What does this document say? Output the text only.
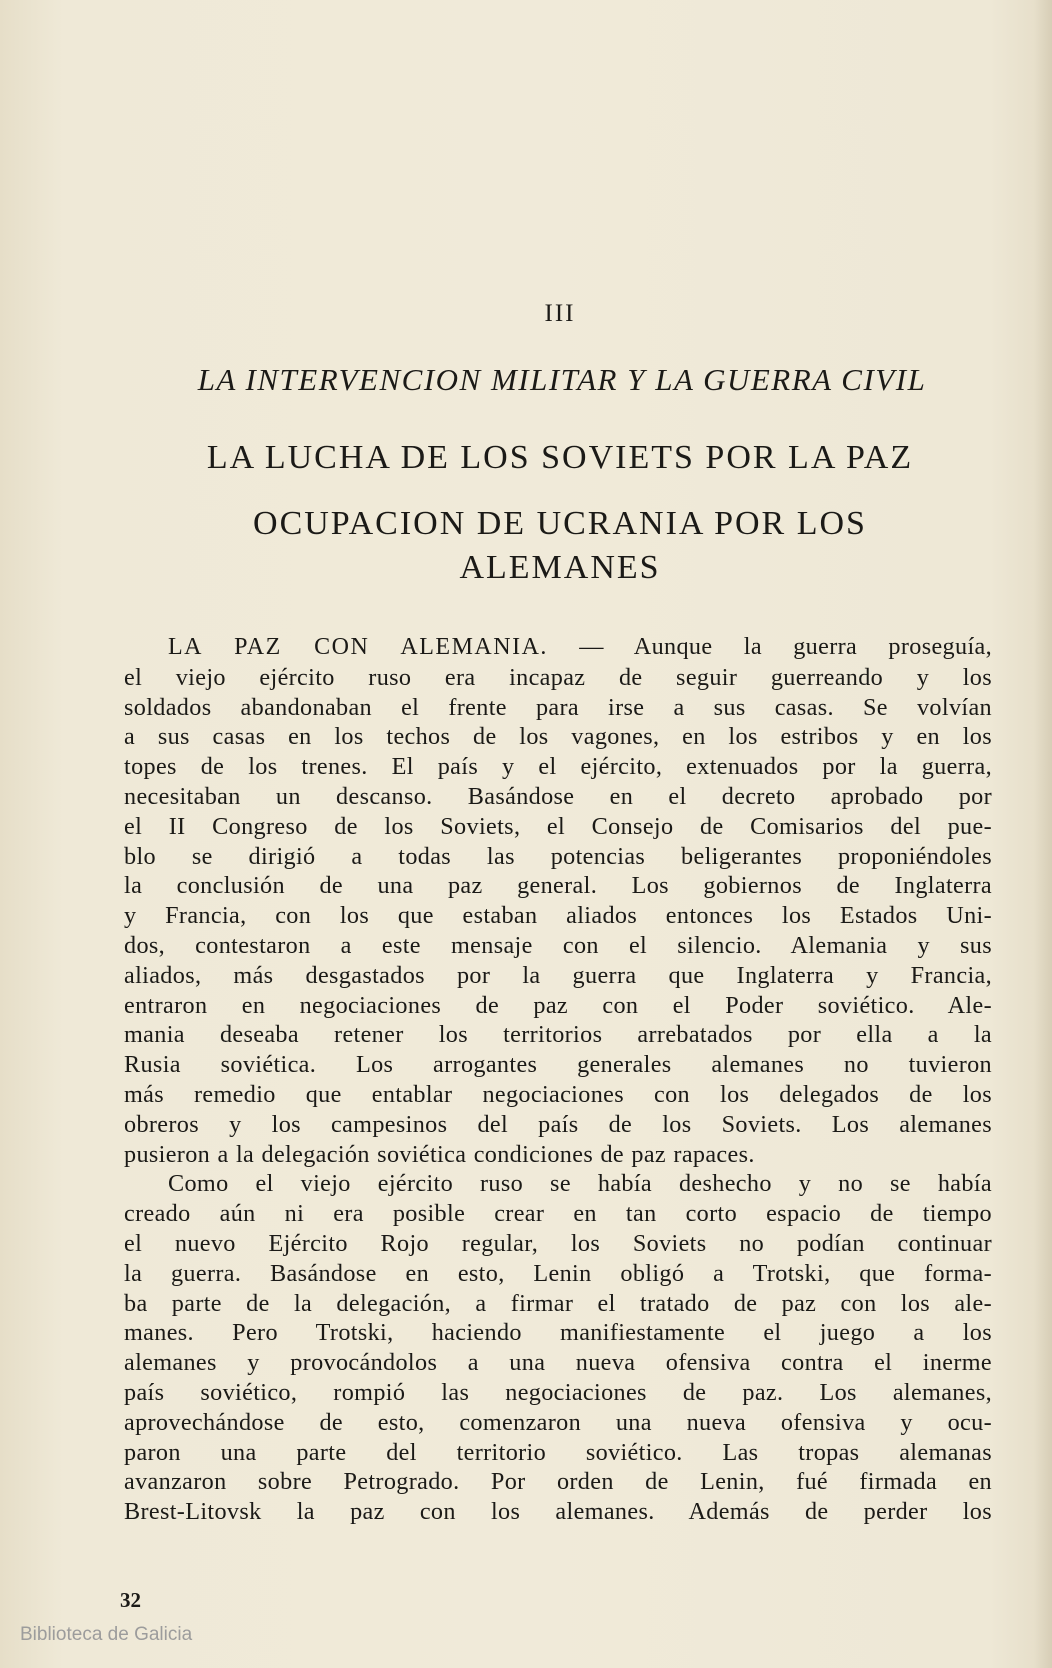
III
LA INTERVENCION MILITAR Y LA GUERRA CIVIL
LA LUCHA DE LOS SOVIETS POR LA PAZ
OCUPACION DE UCRANIA POR LOS
ALEMANES
LA PAZ CON ALEMANIA. — Aunque la guerra proseguía,
el viejo ejército ruso era incapaz de seguir guerreando y los
soldados abandonaban el frente para irse a sus casas. Se volvían
a sus casas en los techos de los vagones, en los estribos y en los
topes de los trenes. El país y el ejército, extenuados por la guerra,
necesitaban un descanso. Basándose en el decreto aprobado por
el II Congreso de los Soviets, el Consejo de Comisarios del pue-
blo se dirigió a todas las potencias beligerantes proponiéndoles
la conclusión de una paz general. Los gobiernos de Inglaterra
y Francia, con los que estaban aliados entonces los Estados Uni-
dos, contestaron a este mensaje con el silencio. Alemania y sus
aliados, más desgastados por la guerra que Inglaterra y Francia,
entraron en negociaciones de paz con el Poder soviético. Ale-
mania deseaba retener los territorios arrebatados por ella a la
Rusia soviética. Los arrogantes generales alemanes no tuvieron
más remedio que entablar negociaciones con los delegados de los
obreros y los campesinos del país de los Soviets. Los alemanes
pusieron a la delegación soviética condiciones de paz rapaces.
Como el viejo ejército ruso se había deshecho y no se había
creado aún ni era posible crear en tan corto espacio de tiempo
el nuevo Ejército Rojo regular, los Soviets no podían continuar
la guerra. Basándose en esto, Lenin obligó a Trotski, que forma-
ba parte de la delegación, a firmar el tratado de paz con los ale-
manes. Pero Trotski, haciendo manifiestamente el juego a los
alemanes y provocándolos a una nueva ofensiva contra el inerme
país soviético, rompió las negociaciones de paz. Los alemanes,
aprovechándose de esto, comenzaron una nueva ofensiva y ocu-
paron una parte del territorio soviético. Las tropas alemanas
avanzaron sobre Petrogrado. Por orden de Lenin, fué firmada en
Brest-Litovsk la paz con los alemanes. Además de perder los
32
Biblioteca de Galicia
